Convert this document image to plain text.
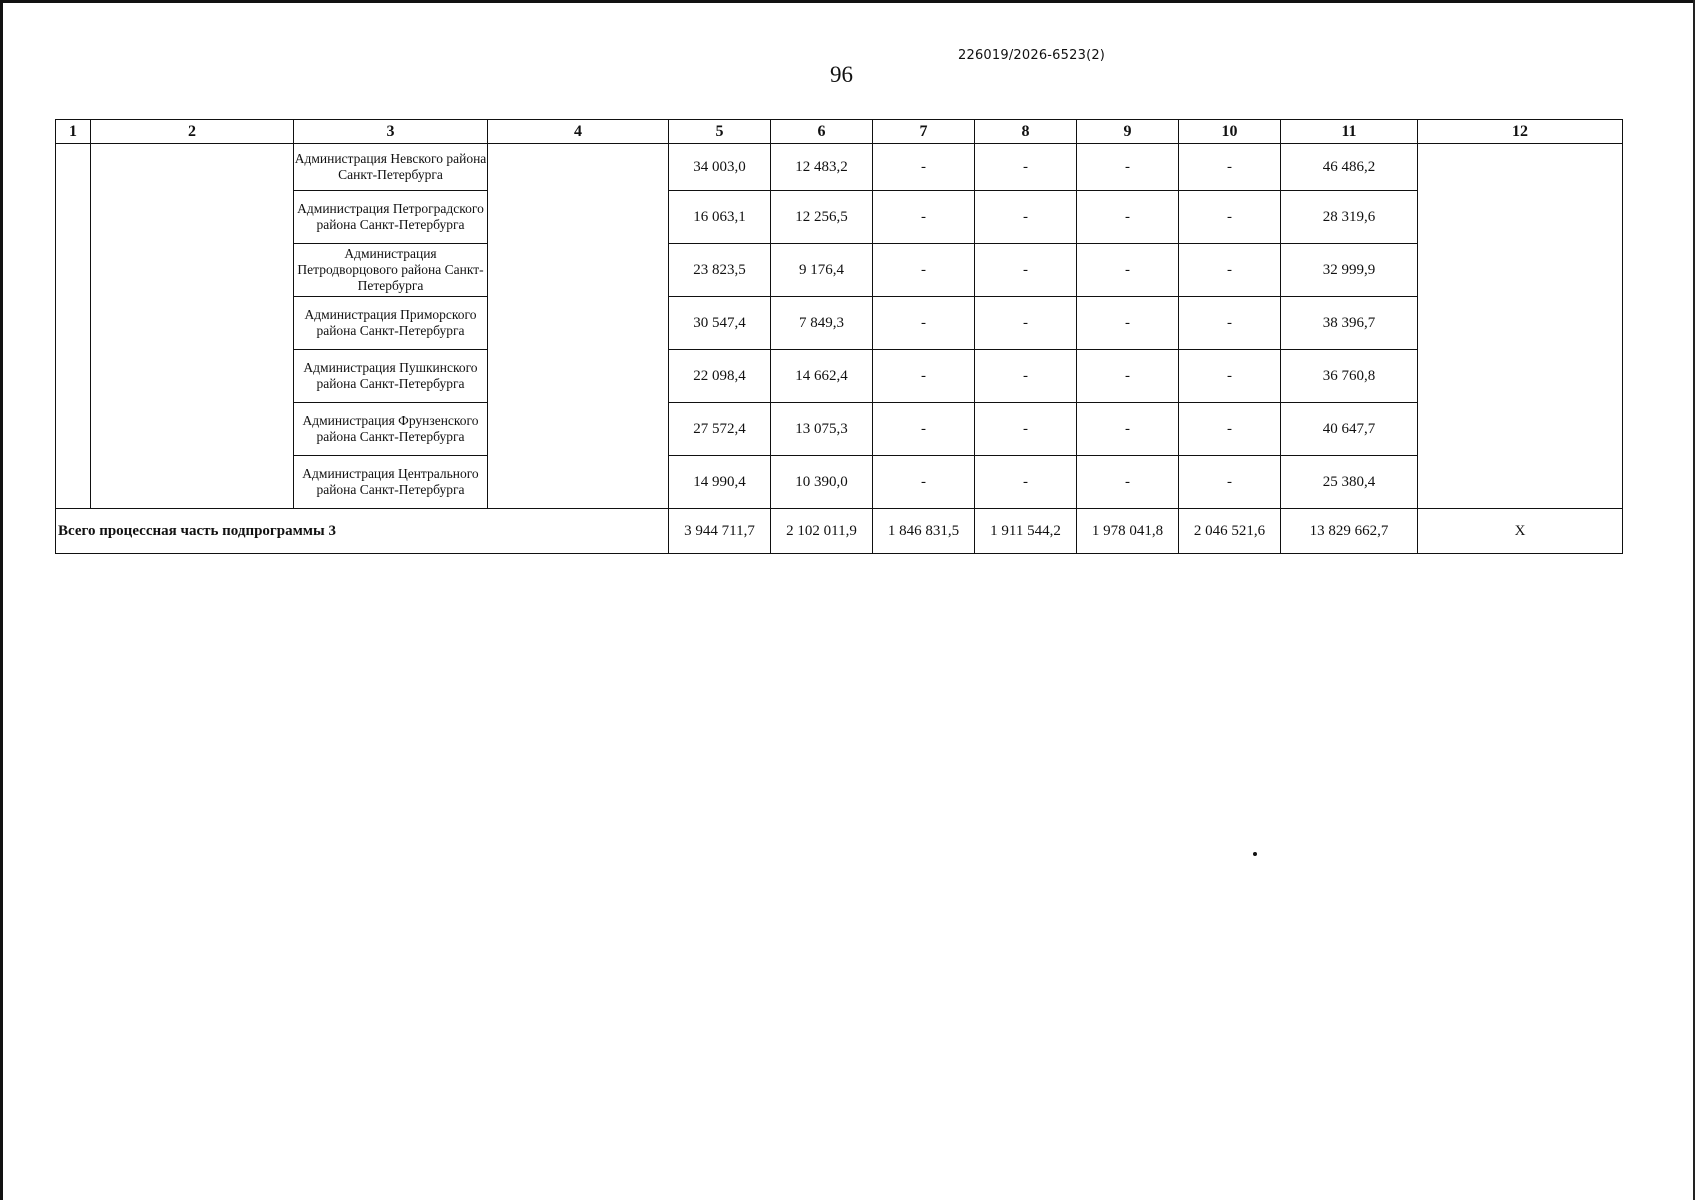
226019/2026-6523(2)
96
1	2	3	4	5	6	7	8	9	10	11	12
		Администрация Невского района Санкт-Петербурга		34 003,0	12 483,2	-	-	-	-	46 486,2	
		Администрация Петроградского района Санкт-Петербурга		16 063,1	12 256,5	-	-	-	-	28 319,6	
		Администрация Петродворцового района Санкт-Петербурга		23 823,5	9 176,4	-	-	-	-	32 999,9	
		Администрация Приморского района Санкт-Петербурга		30 547,4	7 849,3	-	-	-	-	38 396,7	
		Администрация Пушкинского района Санкт-Петербурга		22 098,4	14 662,4	-	-	-	-	36 760,8	
		Администрация Фрунзенского района Санкт-Петербурга		27 572,4	13 075,3	-	-	-	-	40 647,7	
		Администрация Центрального района Санкт-Петербурга		14 990,4	10 390,0	-	-	-	-	25 380,4	
Всего процессная часть подпрограммы 3				3 944 711,7	2 102 011,9	1 846 831,5	1 911 544,2	1 978 041,8	2 046 521,6	13 829 662,7	X
